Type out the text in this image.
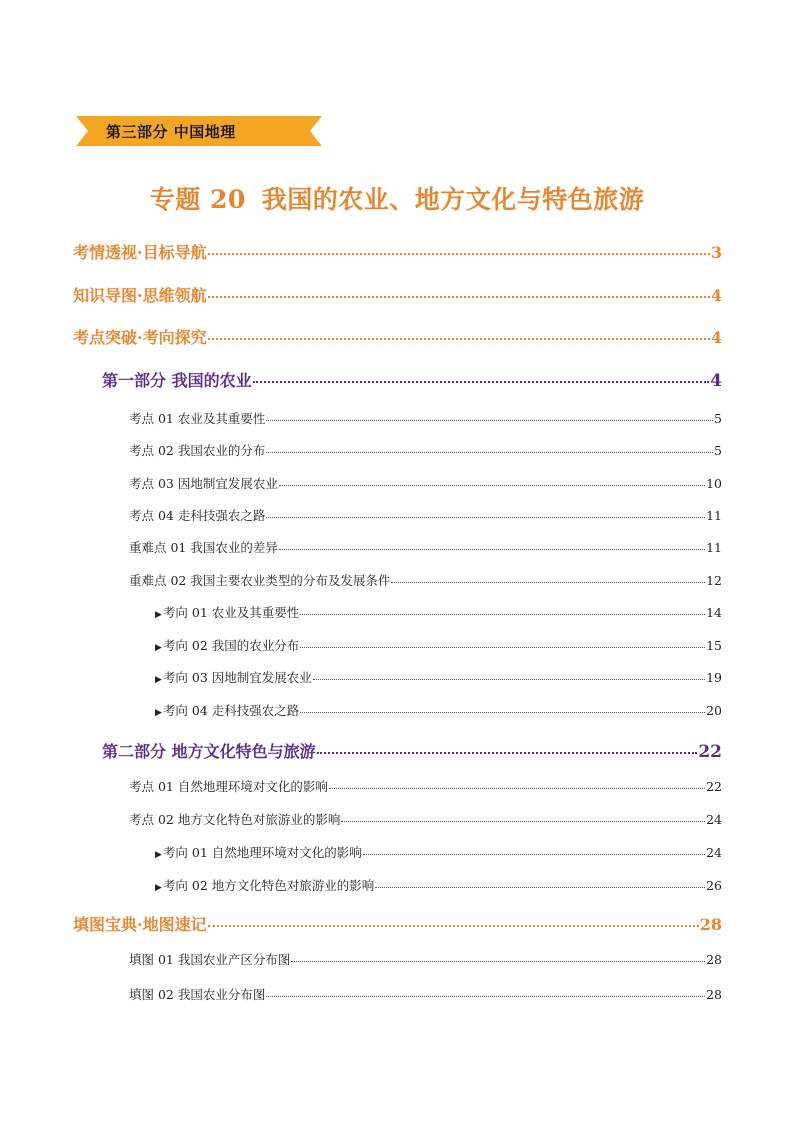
第三部分 中国地理
专题 20 我国的农业、地方文化与特色旅游
考情透视·目标导航	3
知识导图·思维领航	4
考点突破·考向探究	4
第一部分 我国的农业	4
考点 01 农业及其重要性	5
考点 02 我国农业的分布	5
考点 03 因地制宜发展农业	10
考点 04 走科技强农之路	11
重难点 01 我国农业的差异	11
重难点 02 我国主要农业类型的分布及发展条件	12
▶考向 01 农业及其重要性	14
▶考向 02 我国的农业分布	15
▶考向 03 因地制宜发展农业	19
▶考向 04 走科技强农之路	20
第二部分 地方文化特色与旅游	22
考点 01 自然地理环境对文化的影响	22
考点 02 地方文化特色对旅游业的影响	24
▶考向 01 自然地理环境对文化的影响	24
▶考向 02 地方文化特色对旅游业的影响	26
填图宝典·地图速记	28
填图 01 我国农业产区分布图	28
填图 02 我国农业分布图	28
